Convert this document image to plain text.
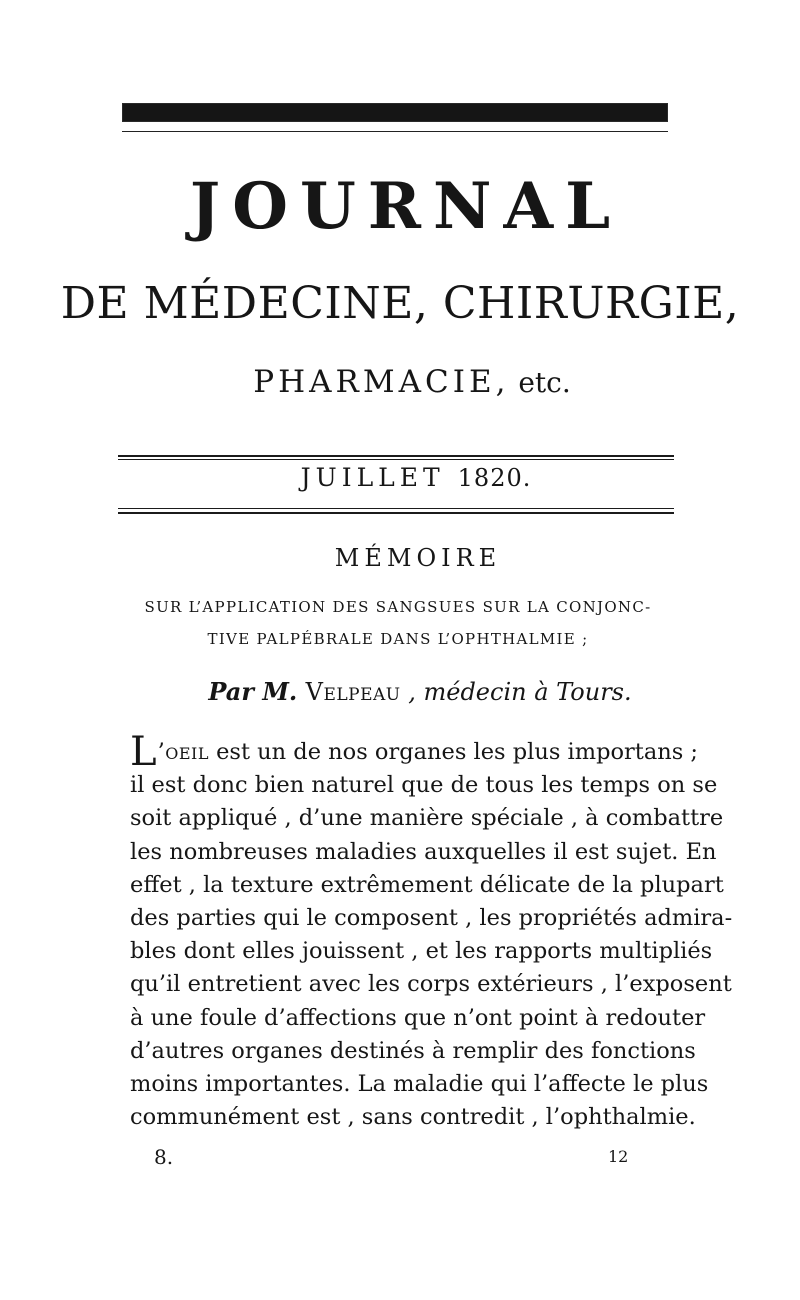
JOURNAL
DE MÉDECINE, CHIRURGIE,
PHARMACIE, etc.
JUILLET 1820.
MÉMOIRE
SUR L’APPLICATION DES SANGSUES SUR LA CONJONC-
TIVE PALPÉBRALE DANS L’OPHTHALMIE ;
Par M. Velpeau , médecin à Tours.
L’oeil est un de nos organes les plus importans ;
il est donc bien naturel que de tous les temps on se
soit appliqué , d’une manière spéciale , à combattre
les nombreuses maladies auxquelles il est sujet. En
effet , la texture extrêmement délicate de la plupart
des parties qui le composent , les propriétés admira-
bles dont elles jouissent , et les rapports multipliés
qu’il entretient avec les corps extérieurs , l’exposent
à une foule d’affections que n’ont point à redouter
d’autres organes destinés à remplir des fonctions
moins importantes. La maladie qui l’affecte le plus
communément est , sans contredit , l’ophthalmie.
8.	12
